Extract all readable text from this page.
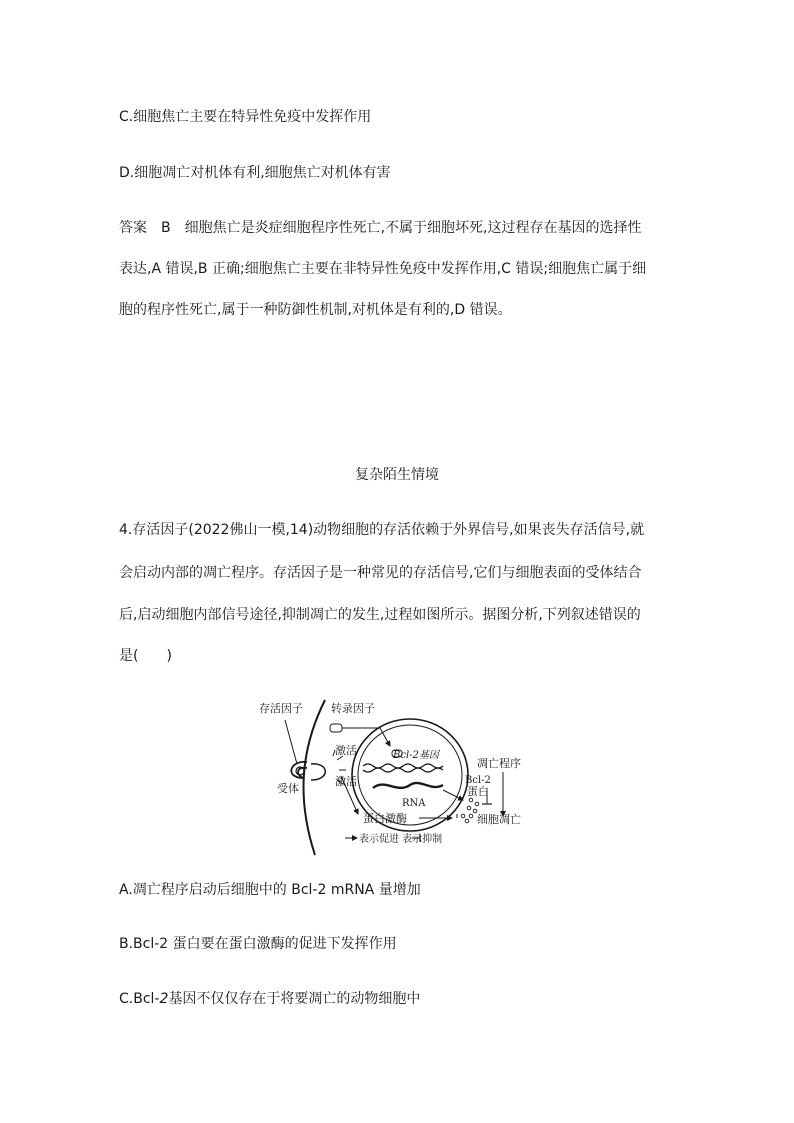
C.细胞焦亡主要在特异性免疫中发挥作用
D.细胞凋亡对机体有利,细胞焦亡对机体有害
答案 B 细胞焦亡是炎症细胞程序性死亡,不属于细胞坏死,这过程存在基因的选择性
表达,A 错误,B 正确;细胞焦亡主要在非特异性免疫中发挥作用,C 错误;细胞焦亡属于细
胞的程序性死亡,属于一种防御性机制,对机体是有利的,D 错误。
复杂陌生情境
4.存活因子(2022佛山一模,14)动物细胞的存活依赖于外界信号,如果丧失存活信号,就
会启动内部的凋亡程序。存活因子是一种常见的存活信号,它们与细胞表面的受体结合
后,启动细胞内部信号途径,抑制凋亡的发生,过程如图所示。据图分析,下列叙述错误的
是(　　)
存活因子	转录因子
激活
激活
受体
Bcl-2基因
RNA
凋亡程序
Bcl-2
蛋白
蛋白激酶	细胞凋亡
表示促进 表示抑制
A.凋亡程序启动后细胞中的 Bcl-2 mRNA 量增加
B.Bcl-2 蛋白要在蛋白激酶的促进下发挥作用
C.Bcl-2基因不仅仅存在于将要凋亡的动物细胞中
